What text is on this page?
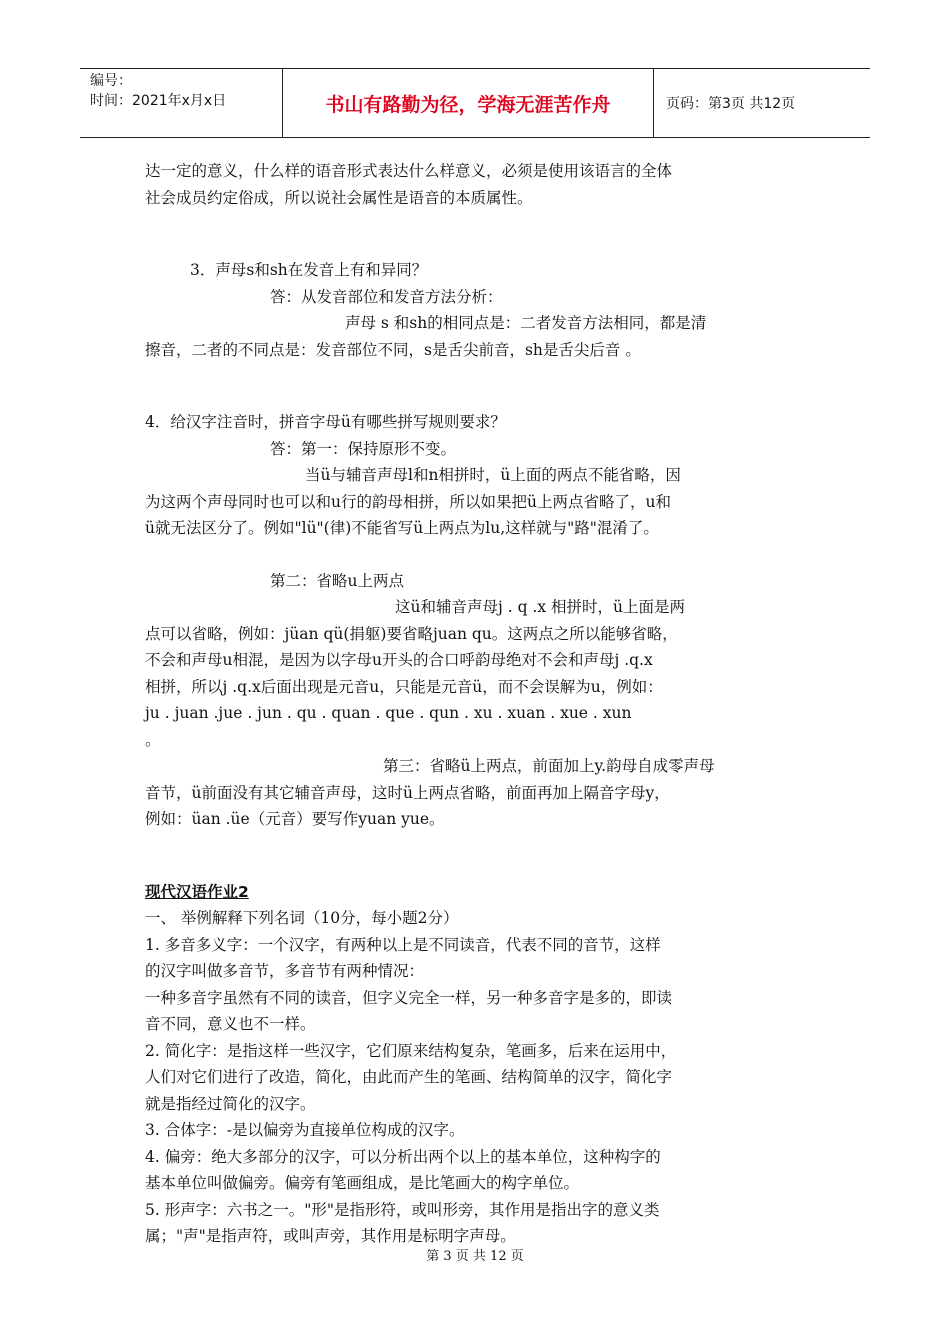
编号：
时间：2021年x月x日	书山有路勤为径，学海无涯苦作舟	页码：第3页 共12页

达一定的意义，什么样的语音形式表达什么样意义，必须是使用该语言的全体

社会成员约定俗成，所以说社会属性是语音的本质属性。

3．声母s和sh在发音上有和异同？

答：从发音部位和发音方法分析：

声母 s 和sh的相同点是：二者发音方法相同，都是清

擦音，二者的不同点是：发音部位不同，s是舌尖前音，sh是舌尖后音 。

4．给汉字注音时，拼音字母ü有哪些拼写规则要求？

答：第一：保持原形不变。

当ü与辅音声母l和n相拼时，ü上面的两点不能省略，因

为这两个声母同时也可以和u行的韵母相拼，所以如果把ü上两点省略了，u和

ü就无法区分了。例如"lü"(律)不能省写ü上两点为lu,这样就与"路"混淆了。

第二：省略u上两点

这ü和辅音声母j . q .x 相拼时，ü上面是两

点可以省略，例如：jüan qü(捐躯)要省略juan qu。这两点之所以能够省略，

不会和声母u相混，是因为以字母u开头的合口呼韵母绝对不会和声母j .q.x

相拼，所以j .q.x后面出现是元音u，只能是元音ü，而不会误解为u，例如：

ju . juan .jue . jun . qu . quan . que . qun . xu . xuan . xue . xun

。

第三：省略ü上两点，前面加上y.韵母自成零声母

音节，ü前面没有其它辅音声母，这时ü上两点省略，前面再加上隔音字母y，

例如：üan .üe（元音）要写作yuan yue。

现代汉语作业2

一、 举例解释下列名词（10分，每小题2分）

1. 多音多义字：一个汉字，有两种以上是不同读音，代表不同的音节，这样

的汉字叫做多音节，多音节有两种情况：

一种多音字虽然有不同的读音，但字义完全一样，另一种多音字是多的，即读

音不同，意义也不一样。

2. 简化字：是指这样一些汉字，它们原来结构复杂，笔画多，后来在运用中，

人们对它们进行了改造，简化，由此而产生的笔画、结构简单的汉字，简化字

就是指经过简化的汉字。

3. 合体字：-是以偏旁为直接单位构成的汉字。

4. 偏旁：绝大多部分的汉字，可以分析出两个以上的基本单位，这种构字的

基本单位叫做偏旁。偏旁有笔画组成，是比笔画大的构字单位。

5. 形声字：六书之一。"形"是指形符，或叫形旁，其作用是指出字的意义类

属；"声"是指声符，或叫声旁，其作用是标明字声母。

第 3 页 共 12 页
